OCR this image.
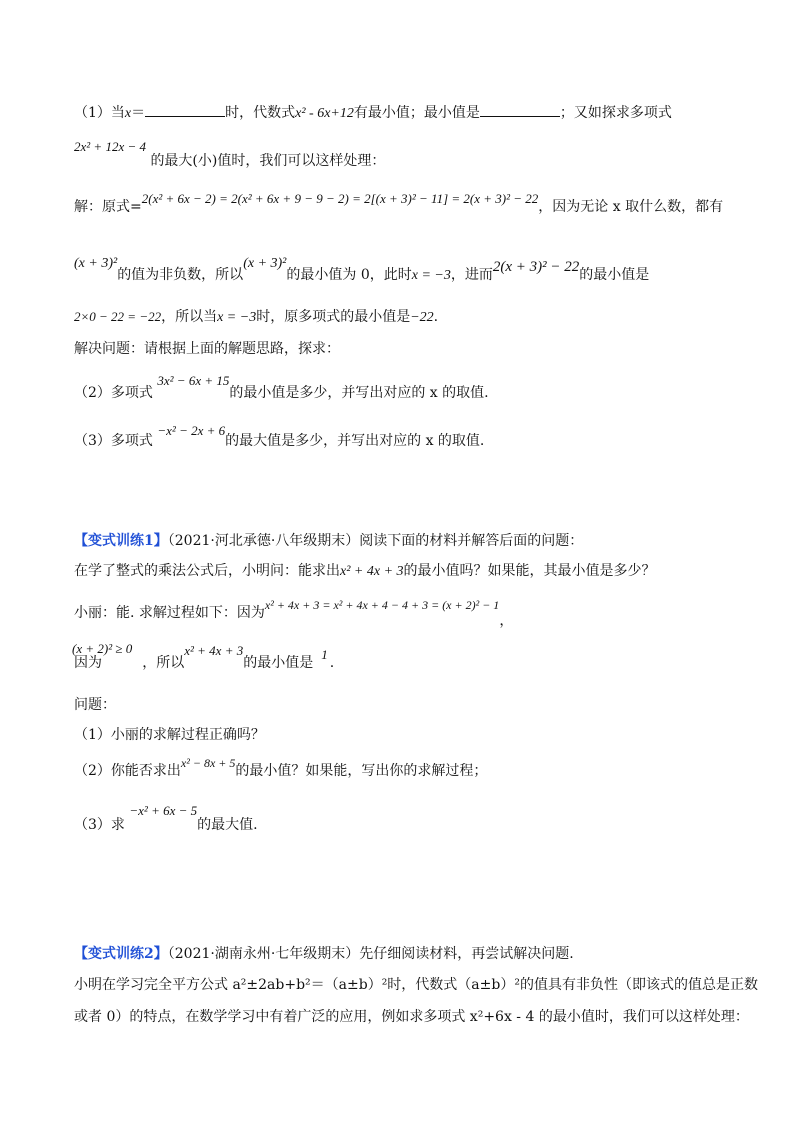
（1）当x＝	时，代数式x² - 6x+12有最小值；最小值是	；又如探求多项式
2x² + 12x − 4 的最大(小)值时，我们可以这样处理：
解：原式=2(x² + 6x − 2) = 2(x² + 6x + 9 − 9 − 2) = 2[(x + 3)² − 11] = 2(x + 3)² − 22，因为无论 x 取什么数，都有
(x + 3)²的值为非负数，所以(x + 3)²的最小值为 0，此时x = −3，进而2(x + 3)² − 22的最小值是
2×0 − 22 = −22，所以当x = −3时，原多项式的最小值是−22.
解决问题：请根据上面的解题思路，探求：
（2）多项式 3x² − 6x + 15的最小值是多少，并写出对应的 x 的取值.
（3）多项式 −x² − 2x + 6的最大值是多少，并写出对应的 x 的取值.
【变式训练1】（2021·河北承德·八年级期末）阅读下面的材料并解答后面的问题：
在学了整式的乘法公式后，小明问：能求出x² + 4x + 3的最小值吗？如果能，其最小值是多少？
小丽：能. 求解过程如下：因为x² + 4x + 3 = x² + 4x + 4 − 4 + 3 = (x + 2)² − 1，
因为(x + 2)² ≥ 0，所以x² + 4x + 3的最小值是1.
问题：
（1）小丽的求解过程正确吗？
（2）你能否求出x² − 8x + 5的最小值？如果能，写出你的求解过程；
（3）求 −x² + 6x − 5的最大值.
【变式训练2】（2021·湖南永州·七年级期末）先仔细阅读材料，再尝试解决问题.
小明在学习完全平方公式 a²±2ab+b²＝（a±b）²时，代数式（a±b）²的值具有非负性（即该式的值总是正数
或者 0）的特点，在数学学习中有着广泛的应用，例如求多项式 x²+6x - 4 的最小值时，我们可以这样处理：
